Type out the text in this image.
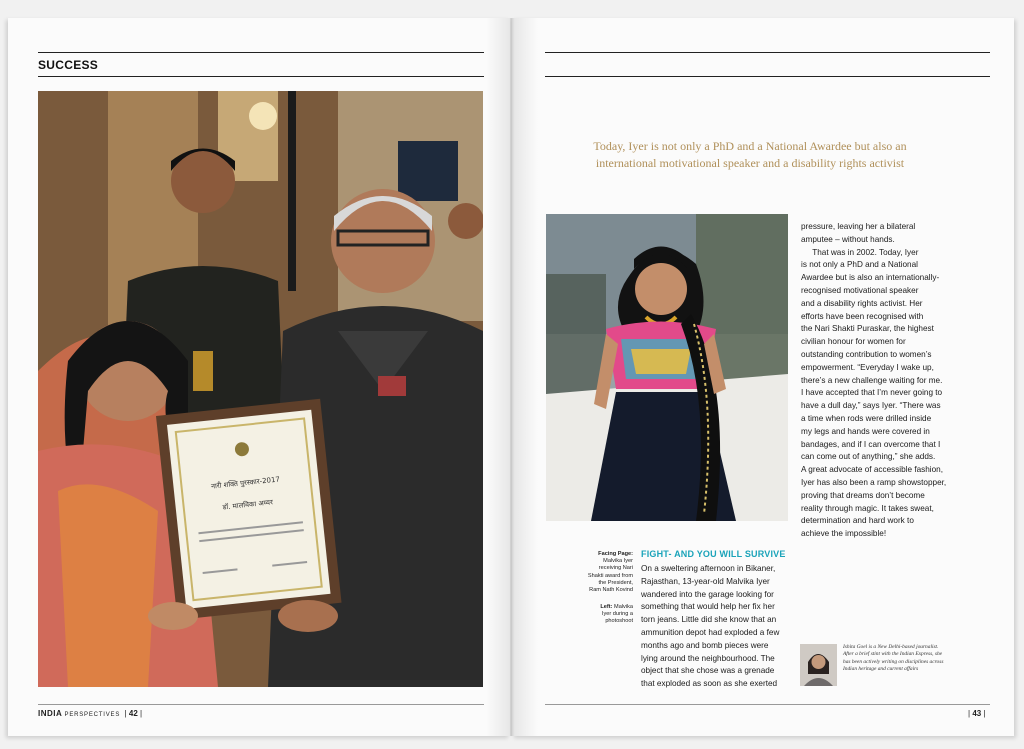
SUCCESS
नारी शक्ति पुरस्कार-2017
डॉ. मालविका अय्यर
Today, Iyer is not only a PhD and a National Awardee but also an international motivational speaker and a disability rights activist
pressure, leaving her a bilateral
amputee – without hands.
That was in 2002. Today, Iyer
is not only a PhD and a National
Awardee but is also an internationally-
recognised motivational speaker
and a disability rights activist. Her
efforts have been recognised with
the Nari Shakti Puraskar, the highest
civilian honour for women for
outstanding contribution to women’s
empowerment. “Everyday I wake up,
there’s a new challenge waiting for me.
I have accepted that I’m never going to
have a dull day,” says Iyer. “There was
a time when rods were drilled inside
my legs and hands were covered in
bandages, and if I can overcome that I
can come out of anything,” she adds.
A great advocate of accessible fashion,
Iyer has also been a ramp showstopper,
proving that dreams don’t become
reality through magic. It takes sweat,
determination and hard work to
achieve the impossible!
Facing Page:
Malvika Iyer
receiving Nari
Shakti award from
the President,
Ram Nath Kovind
Left: Malvika
Iyer during a
photoshoot
FIGHT- AND YOU WILL SURVIVE
On a sweltering afternoon in Bikaner,
Rajasthan, 13-year-old Malvika Iyer
wandered into the garage looking for
something that would help her fix her
torn jeans. Little did she know that an
ammunition depot had exploded a few
months ago and bomb pieces were
lying around the neighbourhood. The
object that she chose was a grenade
that exploded as soon as she exerted
Ishita Goel is a New Delhi-based journalist. After a brief stint with the Indian Express, she has been actively writing on disciplines across Indian heritage and current affairs
INDIA PERSPECTIVES  | 42 |	| 43 |
